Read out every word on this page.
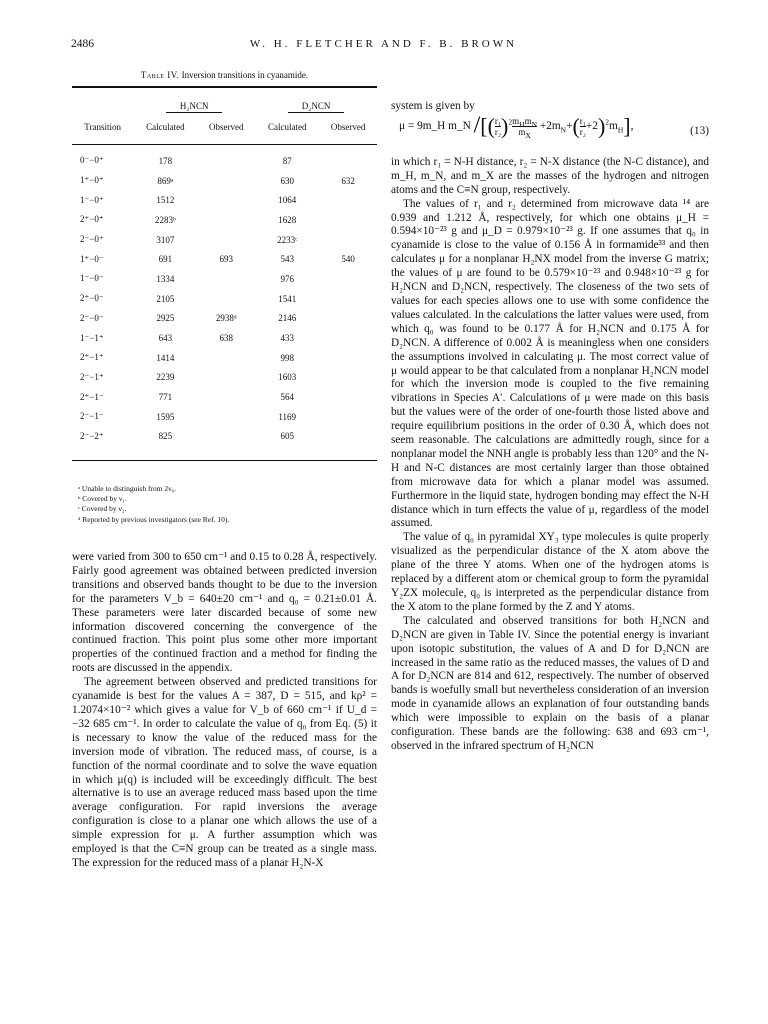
2486	W. H. FLETCHER AND F. B. BROWN
Table IV. Inversion transitions in cyanamide.
	H₂NCN		D₂NCN	
Transition	Calculated	Observed	Calculated	Observed
0⁻−0⁺	178		87	
1⁺−0⁺	869ᵃ		630	632
1⁻−0⁺	1512		1064	
2⁺−0⁺	2283ᵇ		1628	
2⁻−0⁺	3107		2233ᶜ	
1⁺−0⁻	691	693	543	540
1⁻−0⁻	1334		976	
2⁺−0⁻	2105		1541	
2⁻−0⁻	2925	2938ᵈ	2146	
1⁻−1⁺	643	638	433	
2⁺−1⁺	1414		998	
2⁻−1⁺	2239		1603	
2⁺−1⁻	771		564	
2⁻−1⁻	1595		1169	
2⁻−2⁺	825		605	
ᵃ Unable to distinguish from 2ν₆.
ᵇ Covered by ν₁.
ᶜ Covered by ν₂.
ᵈ Reported by previous investigators (see Ref. 10).

were varied from 300 to 650 cm⁻¹ and 0.15 to 0.28 Å, respectively. Fairly good agreement was obtained between predicted inversion transitions and observed bands thought to be due to the inversion for the parameters V_b = 640±20 cm⁻¹ and q₀ = 0.21±0.01 Å. These parameters were later discarded because of some new information discovered concerning the convergence of the continued fraction. This point plus some other more important properties of the continued fraction and a method for finding the roots are discussed in the appendix.

The agreement between observed and predicted transitions for cyanamide is best for the values A = 387, D = 515, and kρ² = 1.2074×10⁻² which gives a value for V_b of 660 cm⁻¹ if U_d = −32 685 cm⁻¹. In order to calculate the value of q₀ from Eq. (5) it is necessary to know the value of the reduced mass for the inversion mode of vibration. The reduced mass, of course, is a function of the normal coordinate and to solve the wave equation in which μ(q) is included will be exceedingly difficult. The best alternative is to use an average reduced mass based upon the time average configuration. For rapid inversions the average configuration is close to a planar one which allows the use of a simple expression for μ. A further assumption which was employed is that the C≡N group can be treated as a single mass. The expression for the reduced mass of a planar H₂N-X

system is given by

μ = 9m_H m_N /[( $\frac{\text{r₁}}{\text{r₂}} )^2 \frac{m_Hm_N}{m_X} +2m_N+( \frac{\text{r₁}}{\text{r₂}} +2)^2m_H$],	(13)

in which r₁ = N-H distance, r₂ = N-X distance (the N-C distance), and m_H, m_N, and m_X are the masses of the hydrogen and nitrogen atoms and the C≡N group, respectively.

The values of r₁ and r₂ determined from microwave data ¹⁴ are 0.939 and 1.212 Å, respectively, for which one obtains μ_H = 0.594×10⁻²³ g and μ_D = 0.979×10⁻²³ g. If one assumes that q₀ in cyanamide is close to the value of 0.156 Å in formamide³³ and then calculates μ for a nonplanar H₂NX model from the inverse G matrix; the values of μ are found to be 0.579×10⁻²³ and 0.948×10⁻²³ g for H₂NCN and D₂NCN, respectively. The closeness of the two sets of values for each species allows one to use with some confidence the values calculated. In the calculations the latter values were used, from which q₀ was found to be 0.177 Å for H₂NCN and 0.175 Å for D₂NCN. A difference of 0.002 Å is meaningless when one considers the assumptions involved in calculating μ. The most correct value of μ would appear to be that calculated from a nonplanar H₂NCN model for which the inversion mode is coupled to the five remaining vibrations in Species A′. Calculations of μ were made on this basis but the values were of the order of one-fourth those listed above and require equilibrium positions in the order of 0.30 Å, which does not seem reasonable. The calculations are admittedly rough, since for a nonplanar model the NNH angle is probably less than 120° and the N-H and N-C distances are most certainly larger than those obtained from microwave data for which a planar model was assumed. Furthermore in the liquid state, hydrogen bonding may effect the N-H distance which in turn effects the value of μ, regardless of the model assumed.

The value of q₀ in pyramidal XY₃ type molecules is quite properly visualized as the perpendicular distance of the X atom above the plane of the three Y atoms. When one of the hydrogen atoms is replaced by a different atom or chemical group to form the pyramidal Y₂ZX molecule, q₀ is interpreted as the perpendicular distance from the X atom to the plane formed by the Z and Y atoms.

The calculated and observed transitions for both H₂NCN and D₂NCN are given in Table IV. Since the potential energy is invariant upon isotopic substitution, the values of A and D for D₂NCN are increased in the same ratio as the reduced masses, the values of D and A for D₂NCN are 814 and 612, respectively. The number of observed bands is woefully small but nevertheless consideration of an inversion mode in cyanamide allows an explanation of four outstanding bands which were impossible to explain on the basis of a planar configuration. These bands are the following: 638 and 693 cm⁻¹, observed in the infrared spectrum of H₂NCN
